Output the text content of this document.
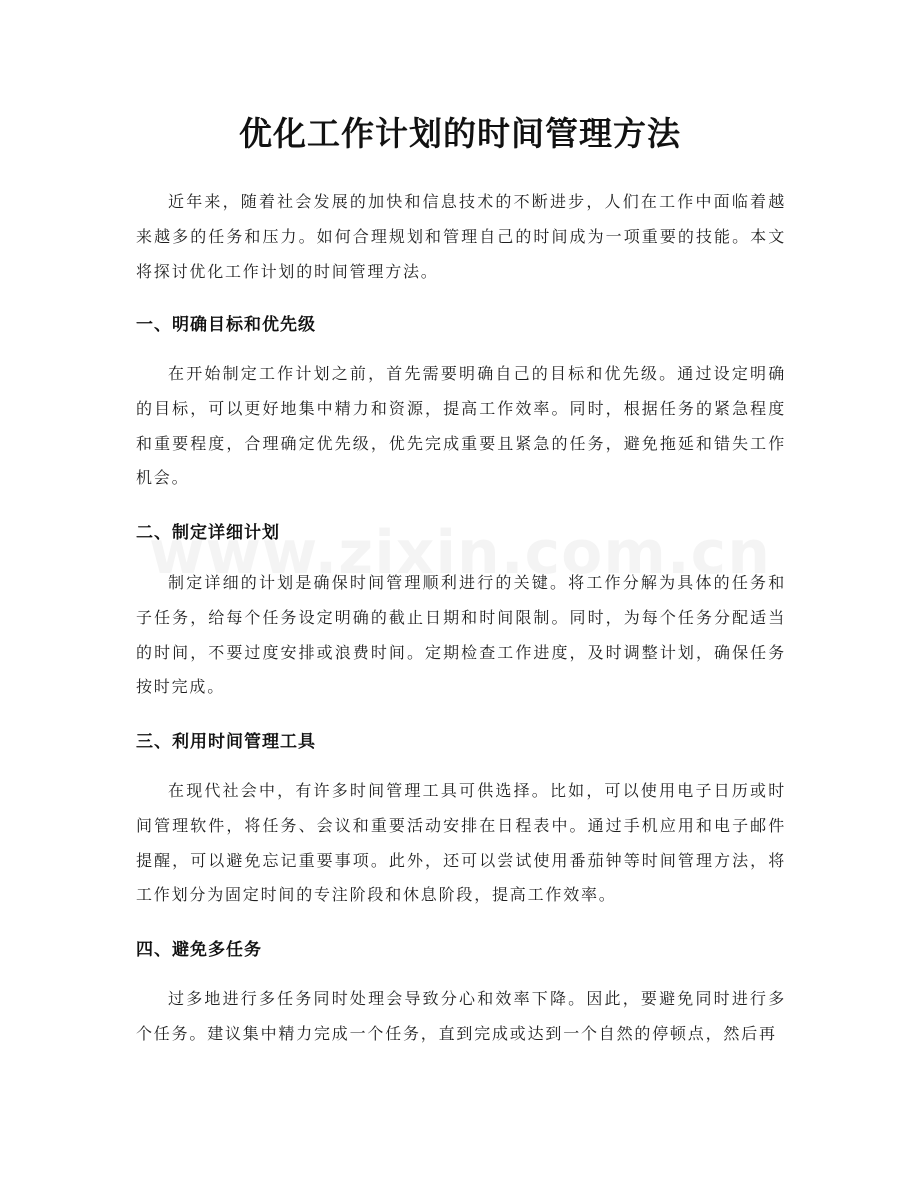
优化工作计划的时间管理方法

近年来，随着社会发展的加快和信息技术的不断进步，人们在工作中面临着越来越多的任务和压力。如何合理规划和管理自己的时间成为一项重要的技能。本文将探讨优化工作计划的时间管理方法。

一、明确目标和优先级

在开始制定工作计划之前，首先需要明确自己的目标和优先级。通过设定明确的目标，可以更好地集中精力和资源，提高工作效率。同时，根据任务的紧急程度和重要程度，合理确定优先级，优先完成重要且紧急的任务，避免拖延和错失工作机会。

二、制定详细计划

制定详细的计划是确保时间管理顺利进行的关键。将工作分解为具体的任务和子任务，给每个任务设定明确的截止日期和时间限制。同时，为每个任务分配适当的时间，不要过度安排或浪费时间。定期检查工作进度，及时调整计划，确保任务按时完成。

三、利用时间管理工具

在现代社会中，有许多时间管理工具可供选择。比如，可以使用电子日历或时间管理软件，将任务、会议和重要活动安排在日程表中。通过手机应用和电子邮件提醒，可以避免忘记重要事项。此外，还可以尝试使用番茄钟等时间管理方法，将工作划分为固定时间的专注阶段和休息阶段，提高工作效率。

四、避免多任务

过多地进行多任务同时处理会导致分心和效率下降。因此，要避免同时进行多个任务。建议集中精力完成一个任务，直到完成或达到一个自然的停顿点，然后再
